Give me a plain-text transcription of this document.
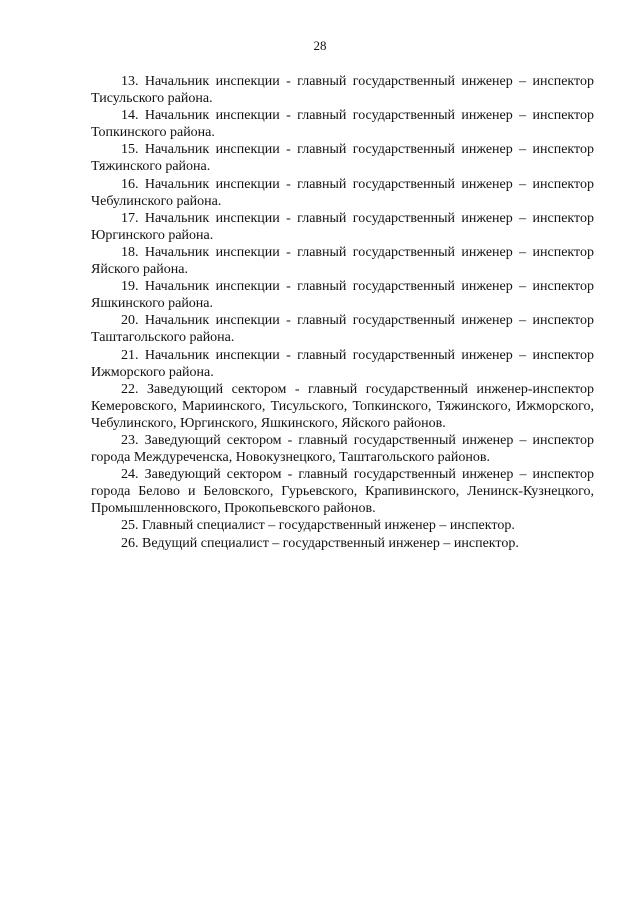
28

13. Начальник инспекции - главный государственный инженер – инспектор Тисульского района.

14. Начальник инспекции - главный государственный инженер – инспектор Топкинского района.

15. Начальник инспекции - главный государственный инженер – инспектор Тяжинского района.

16. Начальник инспекции - главный государственный инженер – инспектор Чебулинского района.

17. Начальник инспекции - главный государственный инженер – инспектор Юргинского района.

18. Начальник инспекции - главный государственный инженер – инспектор Яйского района.

19. Начальник инспекции - главный государственный инженер – инспектор Яшкинского района.

20. Начальник инспекции - главный государственный инженер – инспектор Таштагольского района.

21. Начальник инспекции - главный государственный инженер – инспектор Ижморского района.

22. Заведующий сектором - главный государственный инженер-инспектор Кемеровского, Мариинского, Тисульского, Топкинского, Тяжинского, Ижморского, Чебулинского, Юргинского, Яшкинского, Яйского районов.

23. Заведующий сектором - главный государственный инженер – инспектор города Междуреченска, Новокузнецкого, Таштагольского районов.

24. Заведующий сектором - главный государственный инженер – инспектор города Белово и Беловского, Гурьевского, Крапивинского, Ленинск-Кузнецкого, Промышленновского, Прокопьевского районов.

25. Главный специалист – государственный инженер – инспектор.

26. Ведущий специалист – государственный инженер – инспектор.
